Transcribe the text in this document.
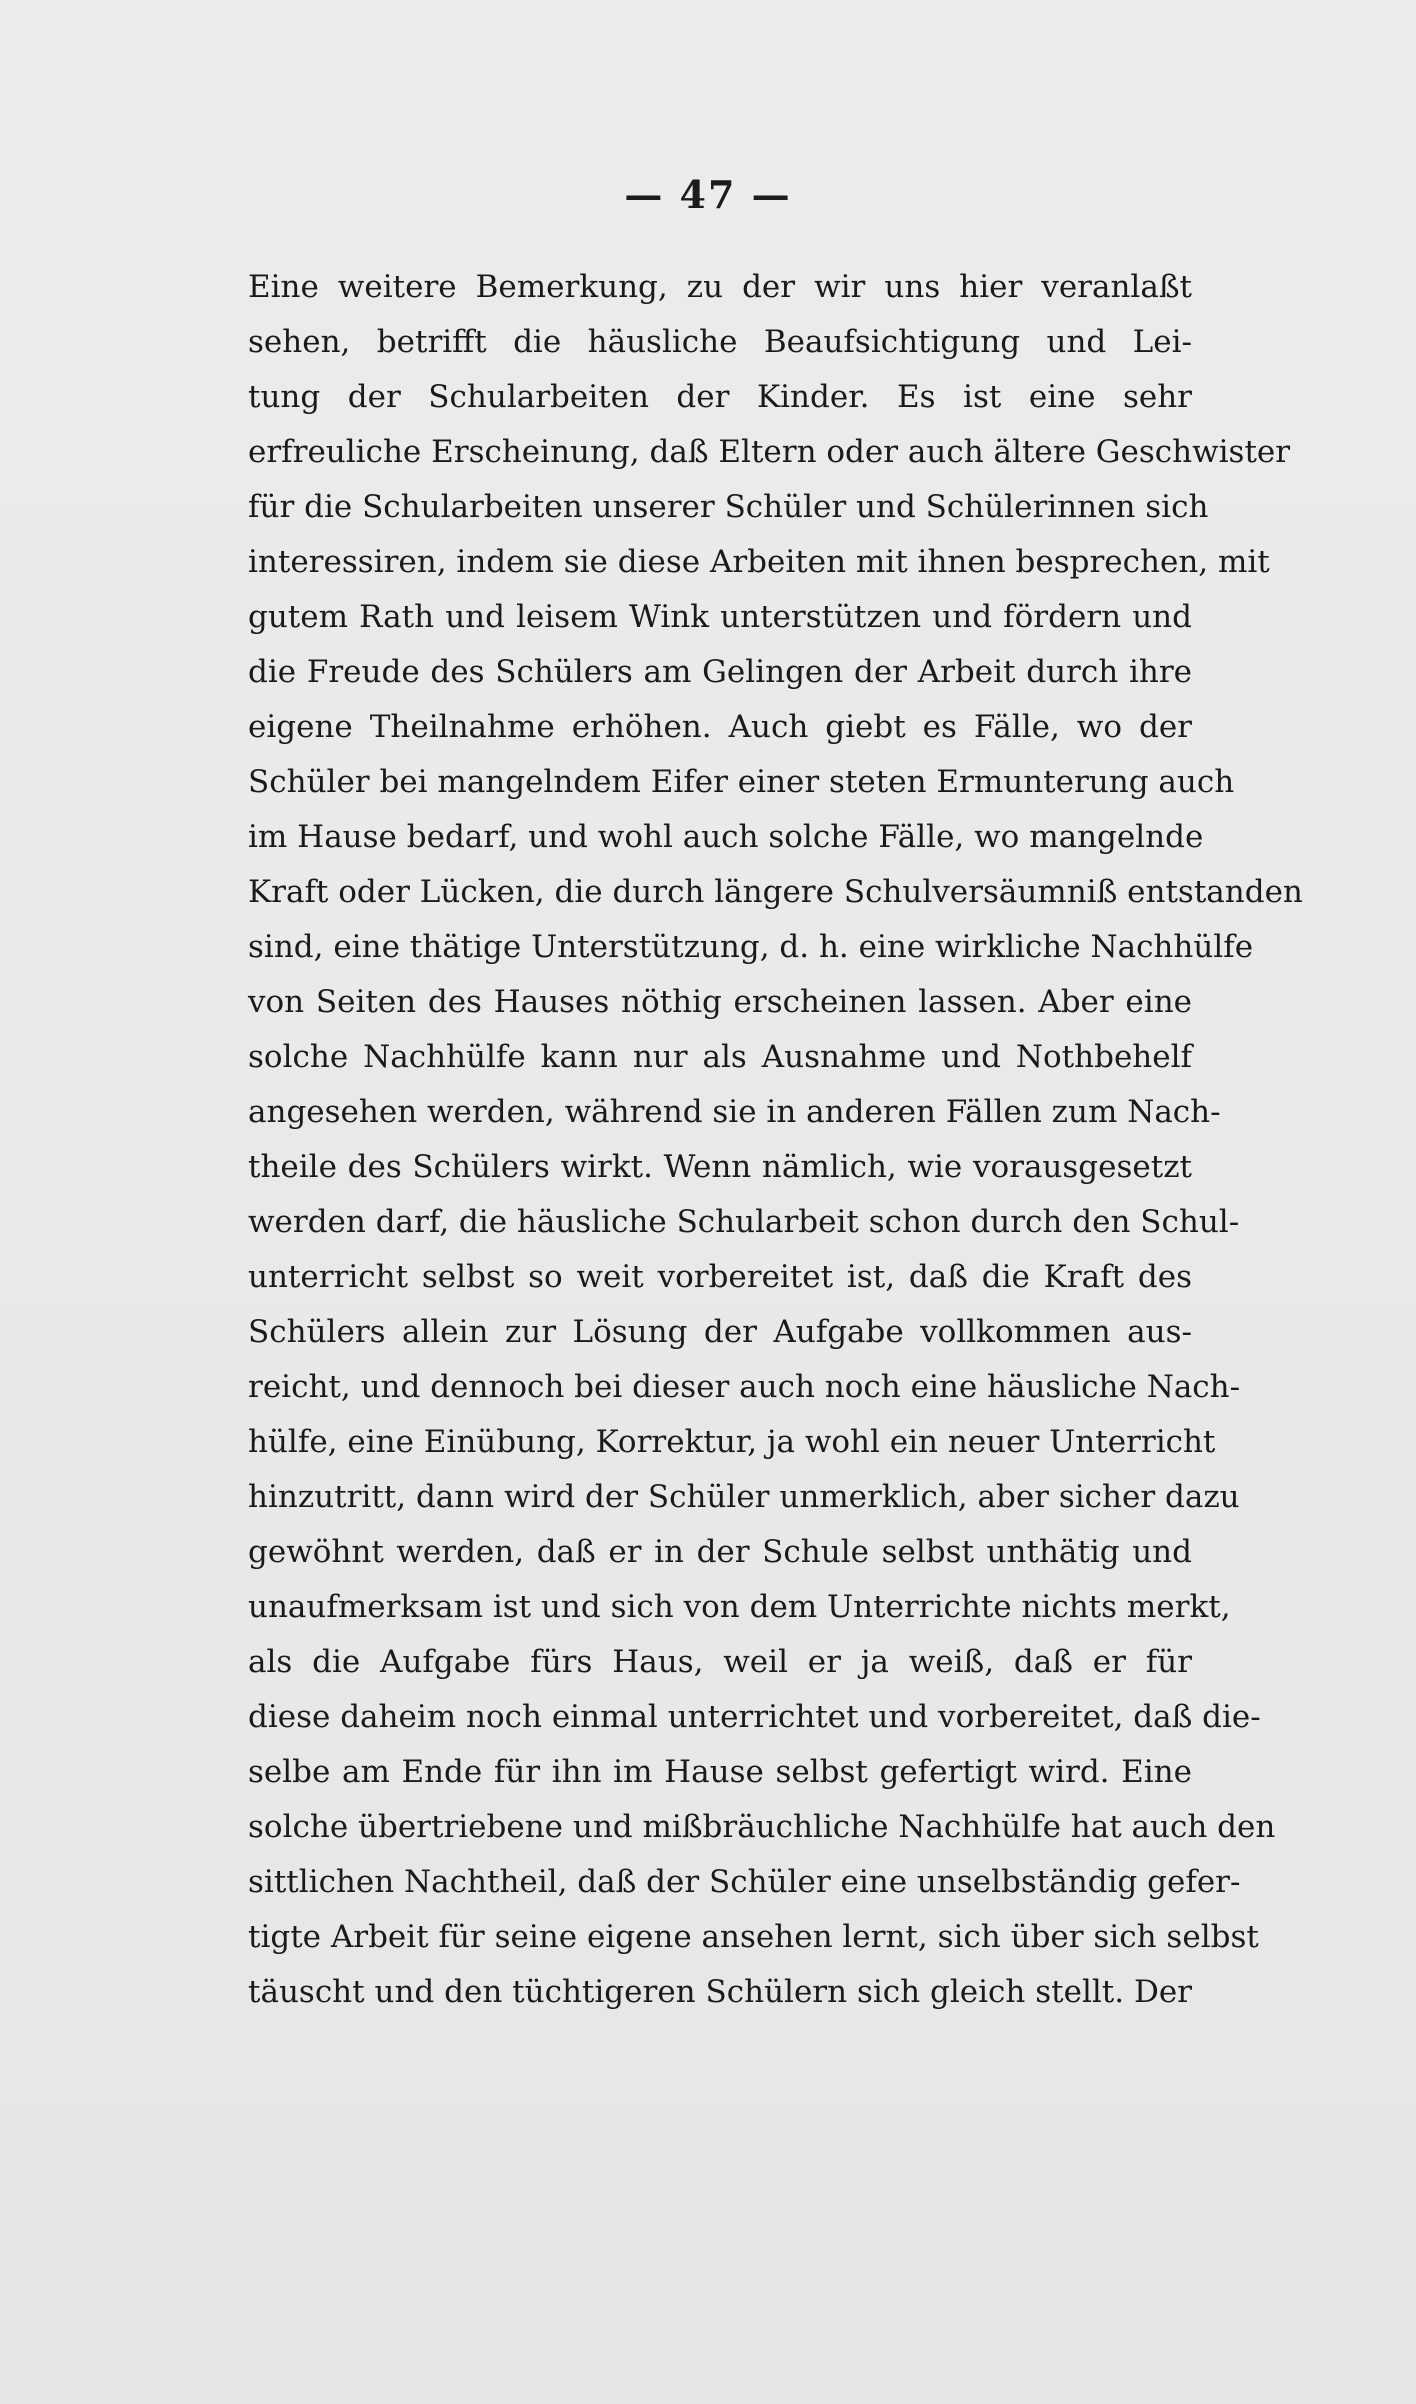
— 47 —
Eine weitere Bemerkung, zu der wir uns hier veranlaßt
sehen, betrifft die häusliche Beaufsichtigung und Lei-
tung der Schularbeiten der Kinder. Es ist eine sehr
erfreuliche Erscheinung, daß Eltern oder auch ältere Geschwister
für die Schularbeiten unserer Schüler und Schülerinnen sich
interessiren, indem sie diese Arbeiten mit ihnen besprechen, mit
gutem Rath und leisem Wink unterstützen und fördern und
die Freude des Schülers am Gelingen der Arbeit durch ihre
eigene Theilnahme erhöhen. Auch giebt es Fälle, wo der
Schüler bei mangelndem Eifer einer steten Ermunterung auch
im Hause bedarf, und wohl auch solche Fälle, wo mangelnde
Kraft oder Lücken, die durch längere Schulversäumniß entstanden
sind, eine thätige Unterstützung, d. h. eine wirkliche Nachhülfe
von Seiten des Hauses nöthig erscheinen lassen. Aber eine
solche Nachhülfe kann nur als Ausnahme und Nothbehelf
angesehen werden, während sie in anderen Fällen zum Nach-
theile des Schülers wirkt. Wenn nämlich, wie vorausgesetzt
werden darf, die häusliche Schularbeit schon durch den Schul-
unterricht selbst so weit vorbereitet ist, daß die Kraft des
Schülers allein zur Lösung der Aufgabe vollkommen aus-
reicht, und dennoch bei dieser auch noch eine häusliche Nach-
hülfe, eine Einübung, Korrektur, ja wohl ein neuer Unterricht
hinzutritt, dann wird der Schüler unmerklich, aber sicher dazu
gewöhnt werden, daß er in der Schule selbst unthätig und
unaufmerksam ist und sich von dem Unterrichte nichts merkt,
als die Aufgabe fürs Haus, weil er ja weiß, daß er für
diese daheim noch einmal unterrichtet und vorbereitet, daß die-
selbe am Ende für ihn im Hause selbst gefertigt wird. Eine
solche übertriebene und mißbräuchliche Nachhülfe hat auch den
sittlichen Nachtheil, daß der Schüler eine unselbständig gefer-
tigte Arbeit für seine eigene ansehen lernt, sich über sich selbst
täuscht und den tüchtigeren Schülern sich gleich stellt. Der
